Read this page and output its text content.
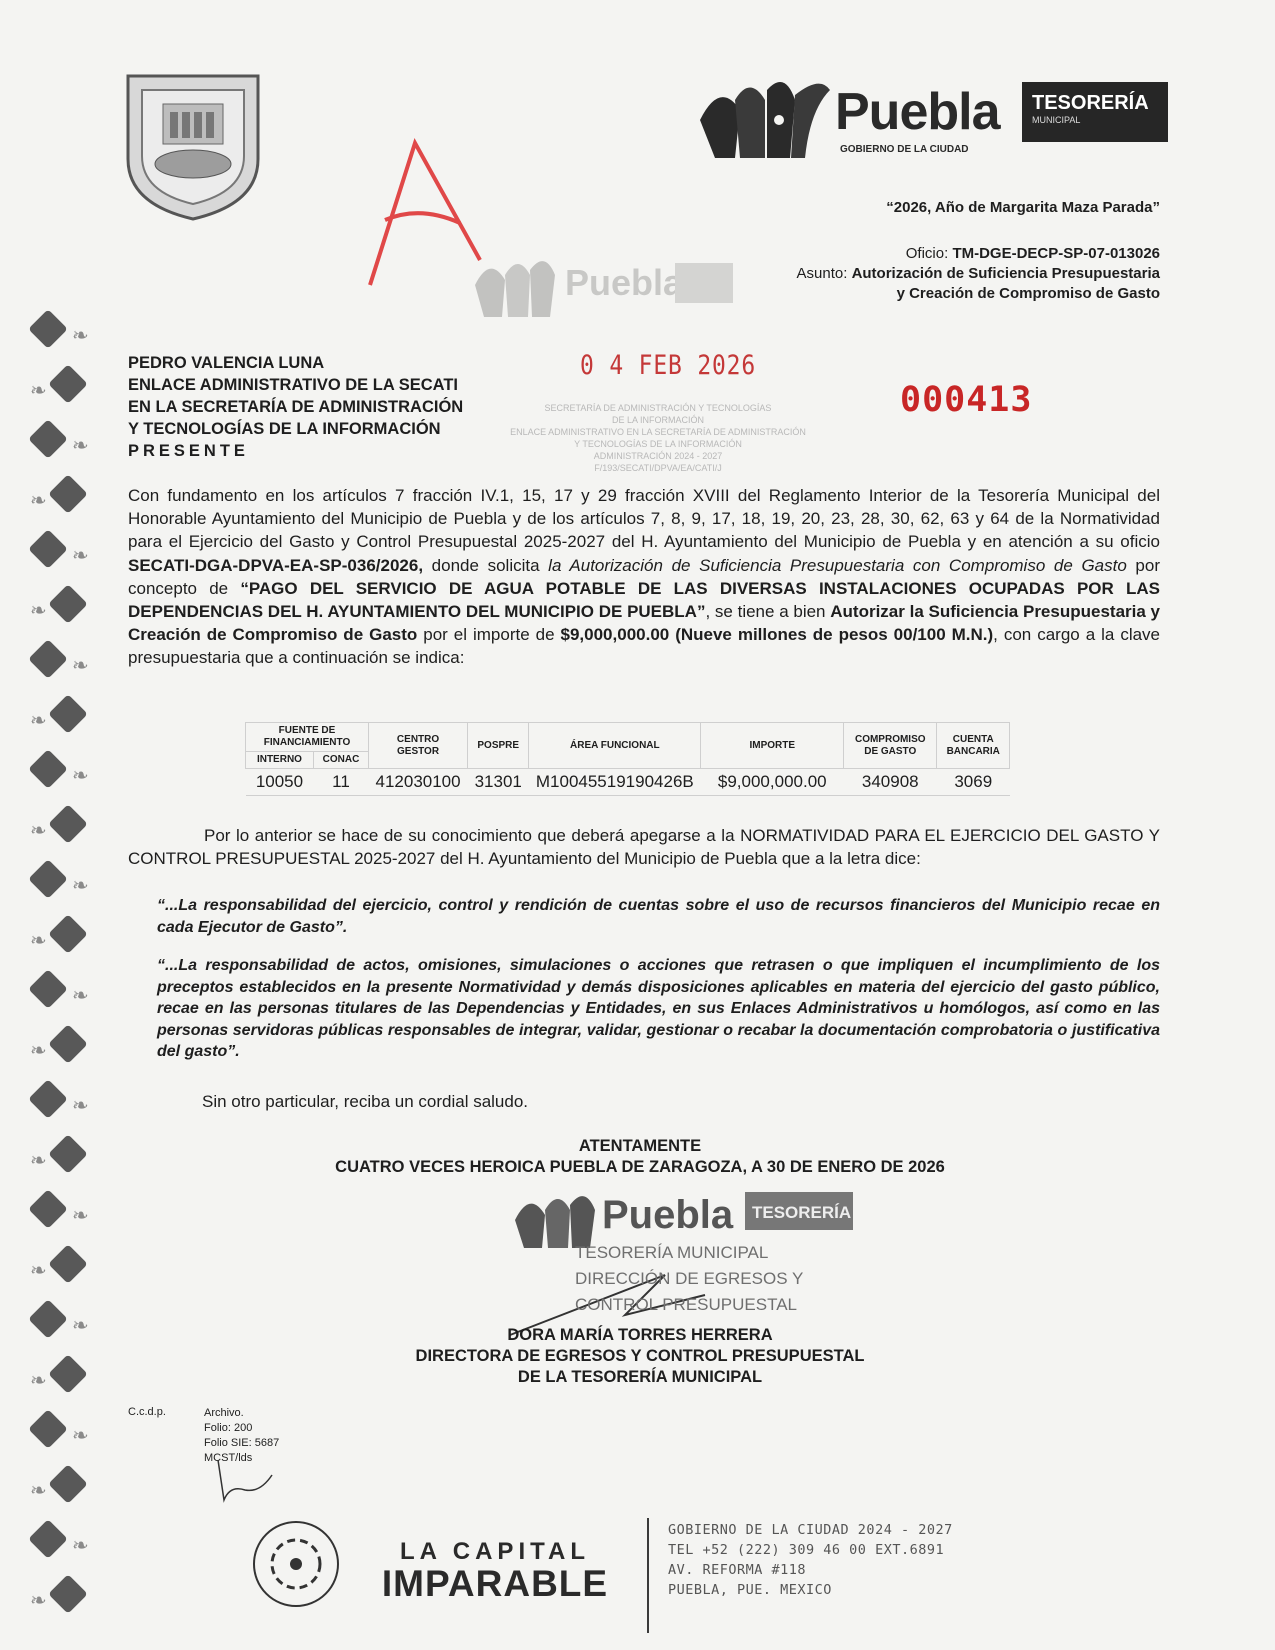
❧
❧
❧
❧
❧
❧
❧
❧
❧
❧
❧
❧
❧
❧
❧
❧
❧
❧
❧
❧
❧
❧
❧
❧
Puebla
GOBIERNO DE LA CIUDAD
TESORERÍA
MUNICIPAL
“2026, Año de Margarita Maza Parada”
Oficio: TM-DGE-DECP-SP-07-013026
Asunto: Autorización de Suficiencia Presupuestaria
y Creación de Compromiso de Gasto
Puebla
PEDRO VALENCIA LUNA
ENLACE ADMINISTRATIVO DE LA SECATI
EN LA SECRETARÍA DE ADMINISTRACIÓN
Y TECNOLOGÍAS DE LA INFORMACIÓN
PRESENTE
0 4 FEB 2026
000413
SECRETARÍA DE ADMINISTRACIÓN Y TECNOLOGÍAS
DE LA INFORMACIÓN
ENLACE ADMINISTRATIVO EN LA SECRETARÍA DE ADMINISTRACIÓN
Y TECNOLOGÍAS DE LA INFORMACIÓN
ADMINISTRACIÓN 2024 - 2027
F/193/SECATI/DPVA/EA/CATI/J
Con fundamento en los artículos 7 fracción IV.1, 15, 17 y 29 fracción XVIII del Reglamento Interior de la Tesorería Municipal del Honorable Ayuntamiento del Municipio de Puebla y de los artículos 7, 8, 9, 17, 18, 19, 20, 23, 28, 30, 62, 63 y 64 de la Normatividad para el Ejercicio del Gasto y Control Presupuestal 2025-2027 del H. Ayuntamiento del Municipio de Puebla y en atención a su oficio SECATI-DGA-DPVA-EA-SP-036/2026, donde solicita la Autorización de Suficiencia Presupuestaria con Compromiso de Gasto por concepto de “PAGO DEL SERVICIO DE AGUA POTABLE DE LAS DIVERSAS INSTALACIONES OCUPADAS POR LAS DEPENDENCIAS DEL H. AYUNTAMIENTO DEL MUNICIPIO DE PUEBLA”, se tiene a bien Autorizar la Suficiencia Presupuestaria y Creación de Compromiso de Gasto por el importe de $9,000,000.00 (Nueve millones de pesos 00/100 M.N.), con cargo a la clave presupuestaria que a continuación se indica:
FUENTE DE FINANCIAMIENTO		CENTRO GESTOR	POSPRE	ÁREA FUNCIONAL	IMPORTE	COMPROMISO DE GASTO	CUENTA BANCARIA
INTERNO	CONAC						
10050	11	412030100	31301	M10045519190426B	$9,000,000.00	340908	3069
Por lo anterior se hace de su conocimiento que deberá apegarse a la NORMATIVIDAD PARA EL EJERCICIO DEL GASTO Y CONTROL PRESUPUESTAL 2025-2027 del H. Ayuntamiento del Municipio de Puebla que a la letra dice:
“...La responsabilidad del ejercicio, control y rendición de cuentas sobre el uso de recursos financieros del Municipio recae en cada Ejecutor de Gasto”.
“...La responsabilidad de actos, omisiones, simulaciones o acciones que retrasen o que impliquen el incumplimiento de los preceptos establecidos en la presente Normatividad y demás disposiciones aplicables en materia del ejercicio del gasto público, recae en las personas titulares de las Dependencias y Entidades, en sus Enlaces Administrativos u homólogos, así como en las personas servidoras públicas responsables de integrar, validar, gestionar o recabar la documentación comprobatoria o justificativa del gasto”.
Sin otro particular, reciba un cordial saludo.
ATENTAMENTE
CUATRO VECES HEROICA PUEBLA DE ZARAGOZA, A 30 DE ENERO DE 2026
Puebla TESORERÍA
TESORERÍA MUNICIPAL
DIRECCIÓN DE EGRESOS Y
CONTROL PRESUPUESTAL
DORA MARÍA TORRES HERRERA
DIRECTORA DE EGRESOS Y CONTROL PRESUPUESTAL
DE LA TESORERÍA MUNICIPAL
C.c.d.p.	Archivo.
Folio: 200
Folio SIE: 5687
MCST/lds
LA CAPITAL
IMPARABLE
GOBIERNO DE LA CIUDAD 2024 - 2027
TEL +52 (222) 309 46 00 EXT.6891
AV. REFORMA #118
PUEBLA, PUE. MEXICO
